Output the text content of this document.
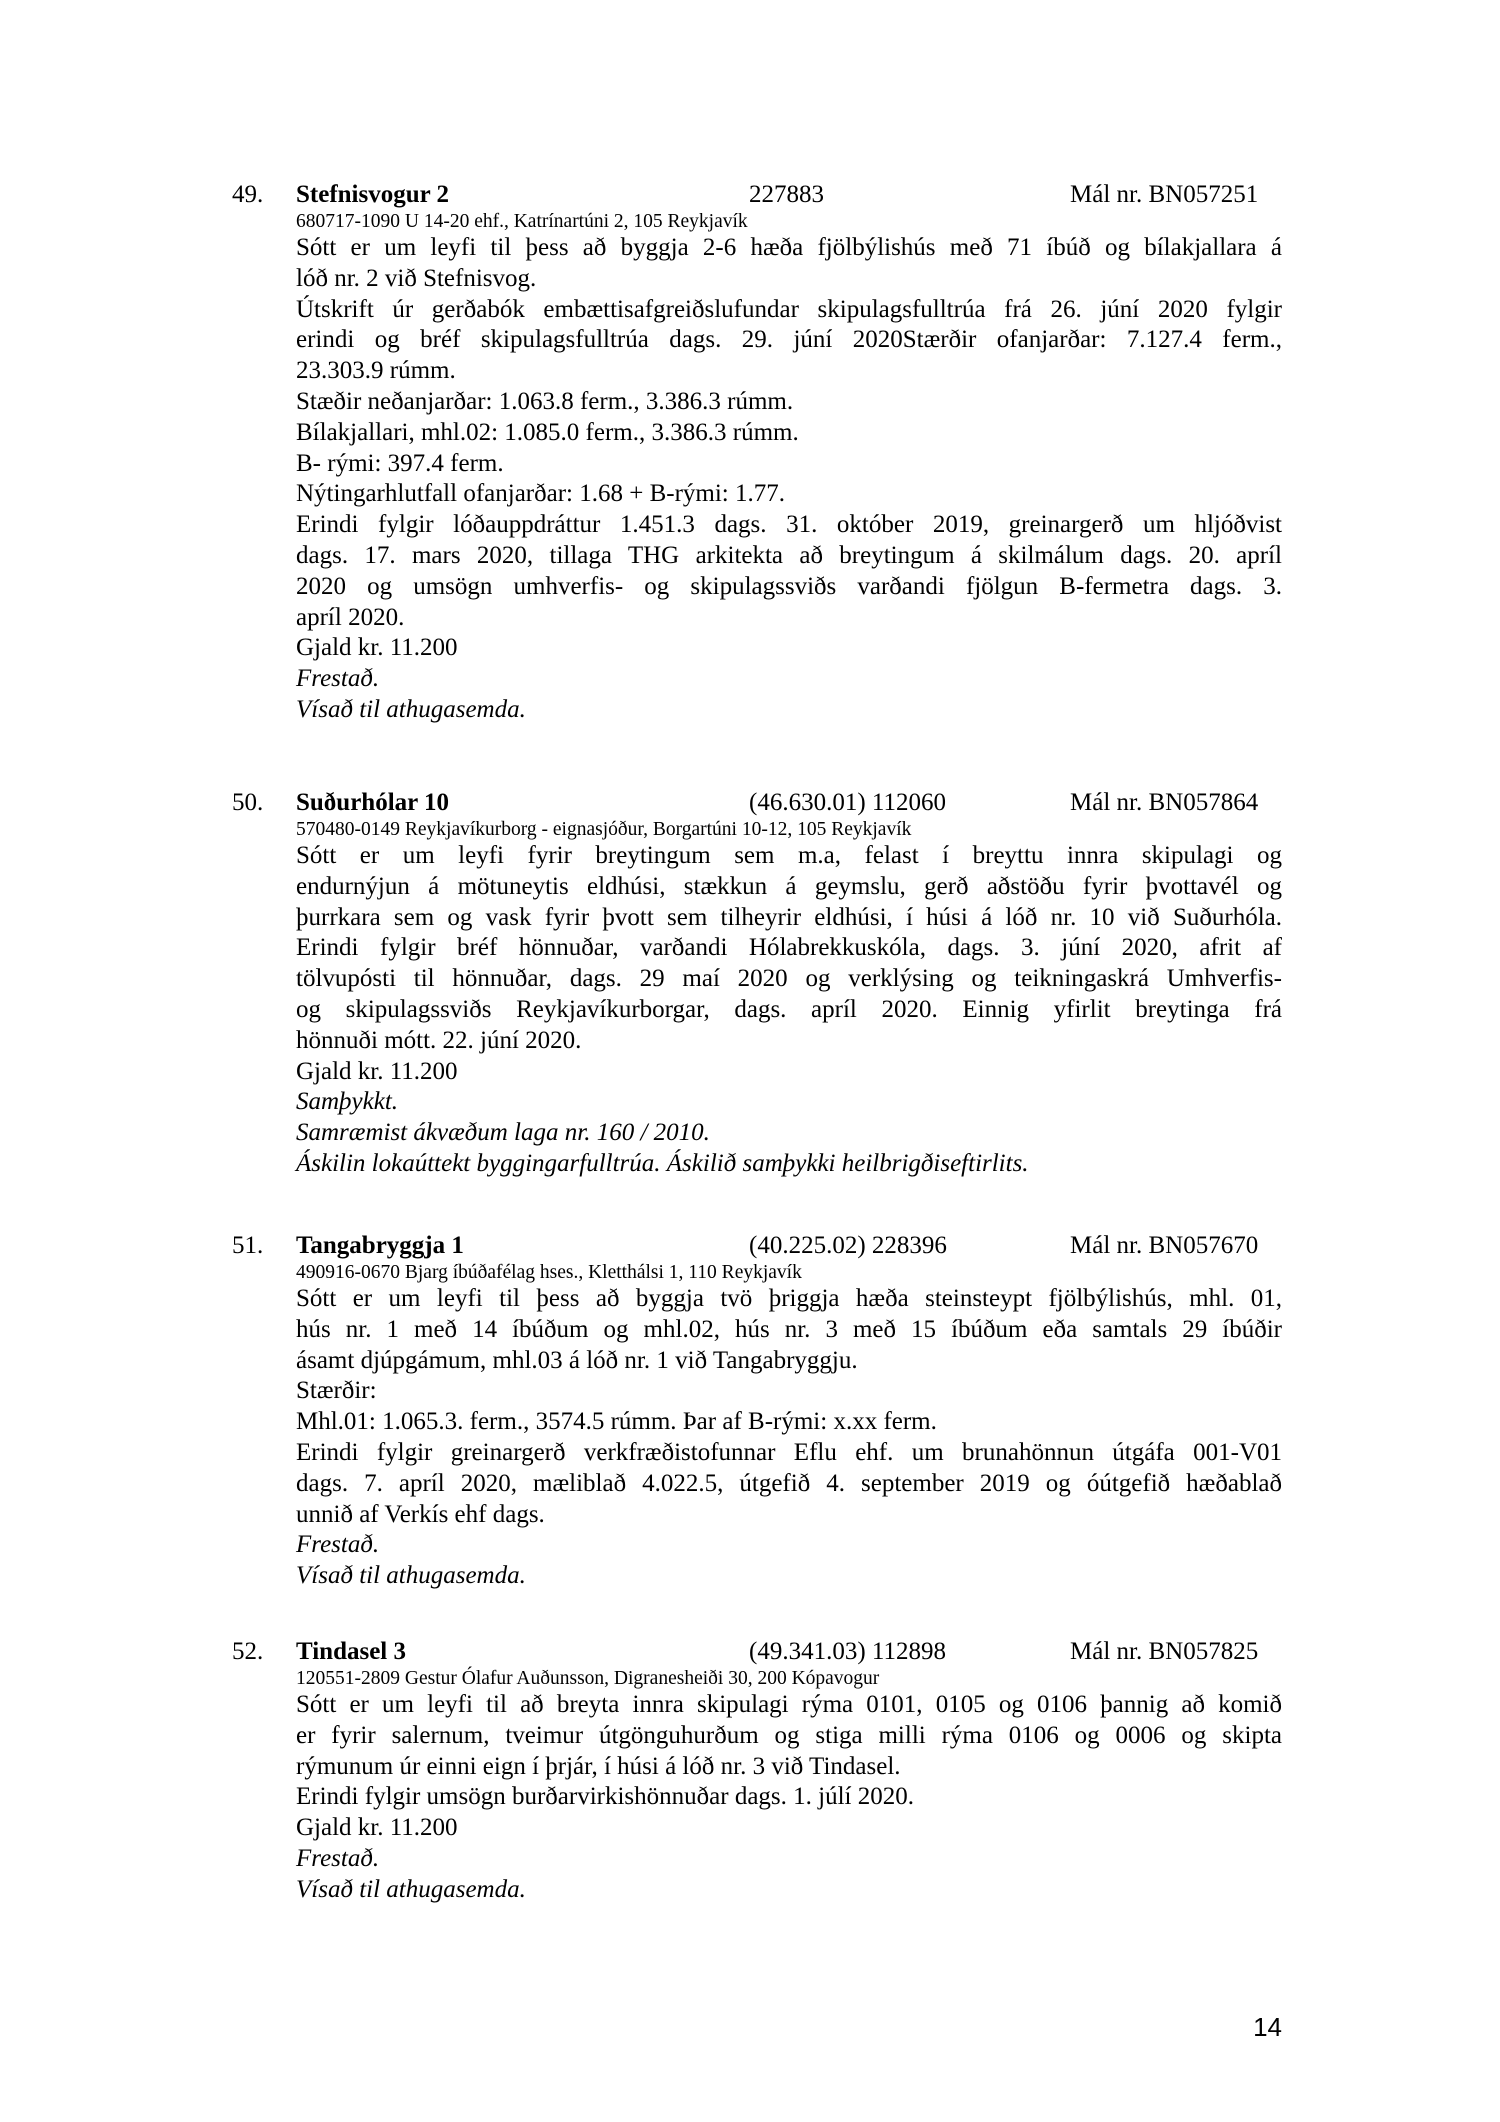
49. Stefnisvogur 2	227883	Mál nr. BN057251
680717-1090 U 14-20 ehf., Katrínartúni 2, 105 Reykjavík
Sótt er um leyfi til þess að byggja 2-6 hæða fjölbýlishús með 71 íbúð og bílakjallara á
lóð nr. 2 við Stefnisvog.
Útskrift úr gerðabók embættisafgreiðslufundar skipulagsfulltrúa frá 26. júní 2020 fylgir
erindi og bréf skipulagsfulltrúa dags. 29. júní 2020Stærðir ofanjarðar: 7.127.4 ferm.,
23.303.9 rúmm.
Stæðir neðanjarðar: 1.063.8 ferm., 3.386.3 rúmm.
Bílakjallari, mhl.02: 1.085.0 ferm., 3.386.3 rúmm.
B- rými: 397.4 ferm.
Nýtingarhlutfall ofanjarðar: 1.68 + B-rými: 1.77.
Erindi fylgir lóðauppdráttur 1.451.3 dags. 31. október 2019, greinargerð um hljóðvist
dags. 17. mars 2020, tillaga THG arkitekta að breytingum á skilmálum dags. 20. apríl
2020 og umsögn umhverfis- og skipulagssviðs varðandi fjölgun B-fermetra dags. 3.
apríl 2020.
Gjald kr. 11.200
Frestað.
Vísað til athugasemda.
50. Suðurhólar 10	(46.630.01) 112060	Mál nr. BN057864
570480-0149 Reykjavíkurborg - eignasjóður, Borgartúni 10-12, 105 Reykjavík
Sótt er um leyfi fyrir breytingum sem m.a, felast í breyttu innra skipulagi og
endurnýjun á mötuneytis eldhúsi, stækkun á geymslu, gerð aðstöðu fyrir þvottavél og
þurrkara sem og vask fyrir þvott sem tilheyrir eldhúsi, í húsi á lóð nr. 10 við Suðurhóla.
Erindi fylgir bréf hönnuðar, varðandi Hólabrekkuskóla, dags. 3. júní 2020, afrit af
tölvupósti til hönnuðar, dags. 29 maí 2020 og verklýsing og teikningaskrá Umhverfis-
og skipulagssviðs Reykjavíkurborgar, dags. apríl 2020. Einnig yfirlit breytinga frá
hönnuði mótt. 22. júní 2020.
Gjald kr. 11.200
Samþykkt.
Samræmist ákvæðum laga nr. 160 / 2010.
Áskilin lokaúttekt byggingarfulltrúa. Áskilið samþykki heilbrigðiseftirlits.
51. Tangabryggja 1	(40.225.02) 228396	Mál nr. BN057670
490916-0670 Bjarg íbúðafélag hses., Kletthálsi 1, 110 Reykjavík
Sótt er um leyfi til þess að byggja tvö þriggja hæða steinsteypt fjölbýlishús, mhl. 01,
hús nr. 1 með 14 íbúðum og mhl.02, hús nr. 3 með 15 íbúðum eða samtals 29 íbúðir
ásamt djúpgámum, mhl.03 á lóð nr. 1 við Tangabryggju.
Stærðir:
Mhl.01: 1.065.3. ferm., 3574.5 rúmm. Þar af B-rými: x.xx ferm.
Erindi fylgir greinargerð verkfræðistofunnar Eflu ehf. um brunahönnun útgáfa 001-V01
dags. 7. apríl 2020, mæliblað 4.022.5, útgefið 4. september 2019 og óútgefið hæðablað
unnið af Verkís ehf dags.
Frestað.
Vísað til athugasemda.
52. Tindasel 3	(49.341.03) 112898	Mál nr. BN057825
120551-2809 Gestur Ólafur Auðunsson, Digranesheiði 30, 200 Kópavogur
Sótt er um leyfi til að breyta innra skipulagi rýma 0101, 0105 og 0106 þannig að komið
er fyrir salernum, tveimur útgönguhurðum og stiga milli rýma 0106 og 0006 og skipta
rýmunum úr einni eign í þrjár, í húsi á lóð nr. 3 við Tindasel.
Erindi fylgir umsögn burðarvirkishönnuðar dags. 1. júlí 2020.
Gjald kr. 11.200
Frestað.
Vísað til athugasemda.
14
